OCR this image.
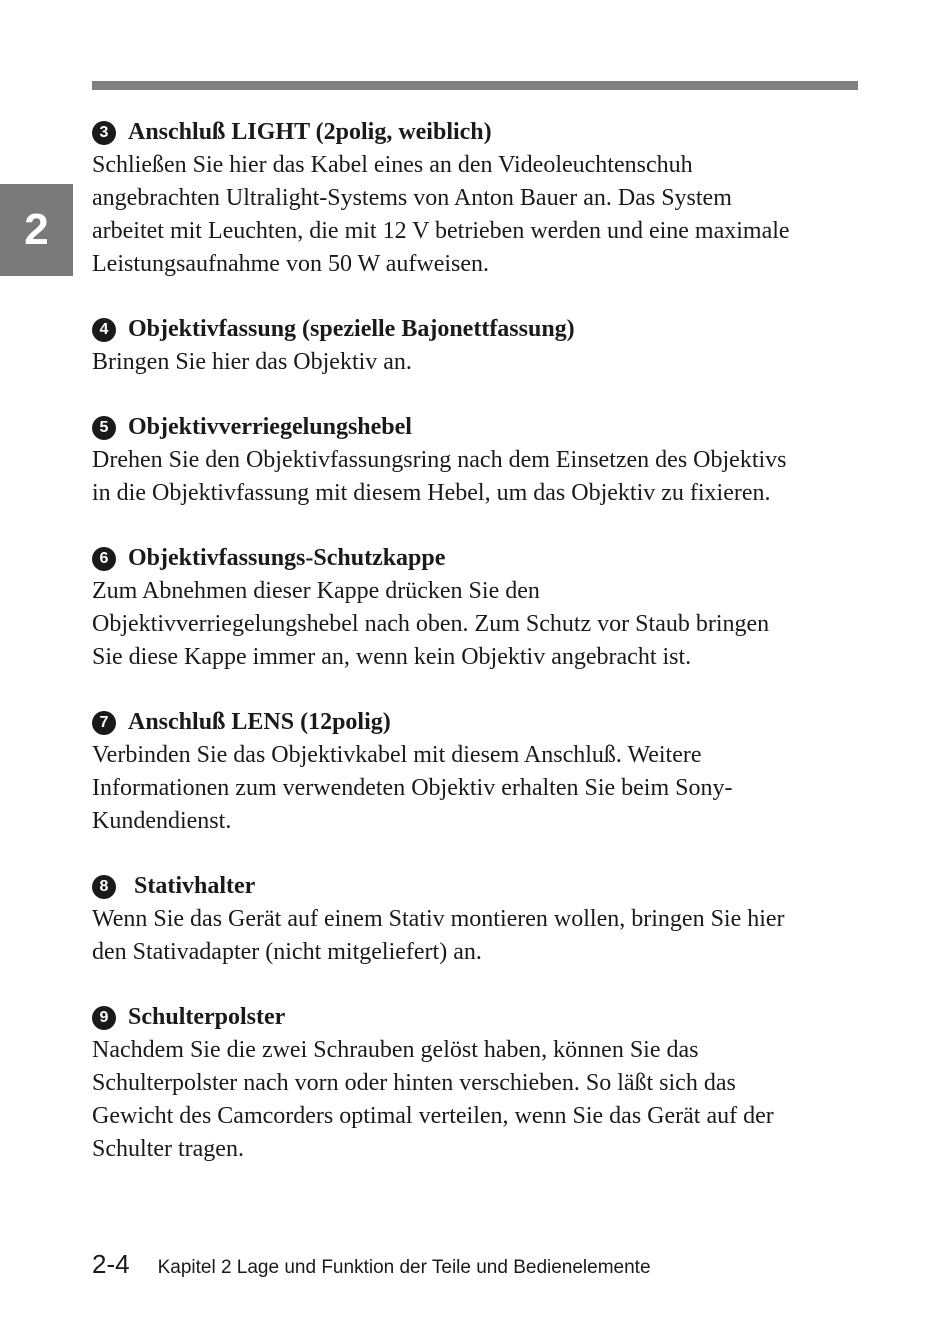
2
3 Anschluß LIGHT (2polig, weiblich)
Schließen Sie hier das Kabel eines an den Videoleuchtenschuh
angebrachten Ultralight-Systems von Anton Bauer an. Das System
arbeitet mit Leuchten, die mit 12 V betrieben werden und eine maximale
Leistungsaufnahme von 50 W aufweisen.
4 Objektivfassung (spezielle Bajonettfassung)
Bringen Sie hier das Objektiv an.
5 Objektivverriegelungshebel
Drehen Sie den Objektivfassungsring nach dem Einsetzen des Objektivs
in die Objektivfassung mit diesem Hebel, um das Objektiv zu fixieren.
6 Objektivfassungs-Schutzkappe
Zum Abnehmen dieser Kappe drücken Sie den
Objektivverriegelungshebel nach oben. Zum Schutz vor Staub bringen
Sie diese Kappe immer an, wenn kein Objektiv angebracht ist.
7 Anschluß LENS (12polig)
Verbinden Sie das Objektivkabel mit diesem Anschluß. Weitere
Informationen zum verwendeten Objektiv erhalten Sie beim Sony-
Kundendienst.
8	Stativhalter
Wenn Sie das Gerät auf einem Stativ montieren wollen, bringen Sie hier
den Stativadapter (nicht mitgeliefert) an.
9 Schulterpolster
Nachdem Sie die zwei Schrauben gelöst haben, können Sie das
Schulterpolster nach vorn oder hinten verschieben. So läßt sich das
Gewicht des Camcorders optimal verteilen, wenn Sie das Gerät auf der
Schulter tragen.
2-4 Kapitel 2 Lage und Funktion der Teile und Bedienelemente
